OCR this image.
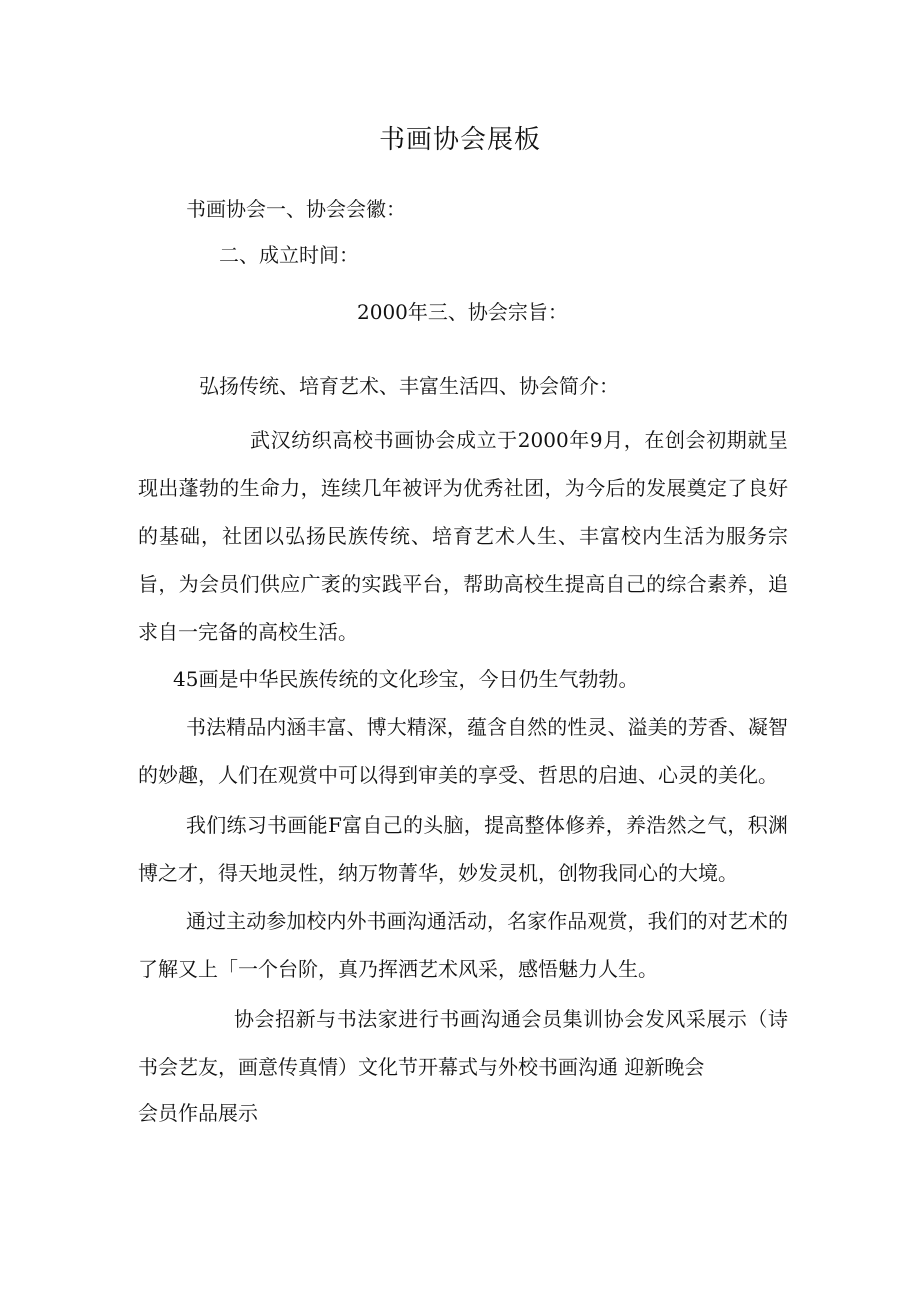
书画协会展板
书画协会一、协会会徽：
二、成立时间：
2000年三、协会宗旨：
弘扬传统、培育艺术、丰富生活四、协会简介：
武汉纺织高校书画协会成立于2000年9月，在创会初期就呈现出蓬勃的生命力，连续几年被评为优秀社团，为今后的发展奠定了良好的基础，社团以弘扬民族传统、培育艺术人生、丰富校内生活为服务宗旨，为会员们供应广袤的实践平台，帮助高校生提高自己的综合素养，追求自一完备的高校生活。
45画是中华民族传统的文化珍宝，今日仍生气勃勃。
书法精品内涵丰富、博大精深，蕴含自然的性灵、溢美的芳香、凝智的妙趣，人们在观赏中可以得到审美的享受、哲思的启迪、心灵的美化。
我们练习书画能F富自己的头脑，提高整体修养，养浩然之气，积渊博之才，得天地灵性，纳万物菁华，妙发灵机，创物我同心的大境。
通过主动参加校内外书画沟通活动，名家作品观赏，我们的对艺术的了解又上「一个台阶，真乃挥洒艺术风采，感悟魅力人生。
协会招新与书法家进行书画沟通会员集训协会发风采展示（诗书会艺友，画意传真情）文化节开幕式与外校书画沟通 迎新晚会
会员作品展示
